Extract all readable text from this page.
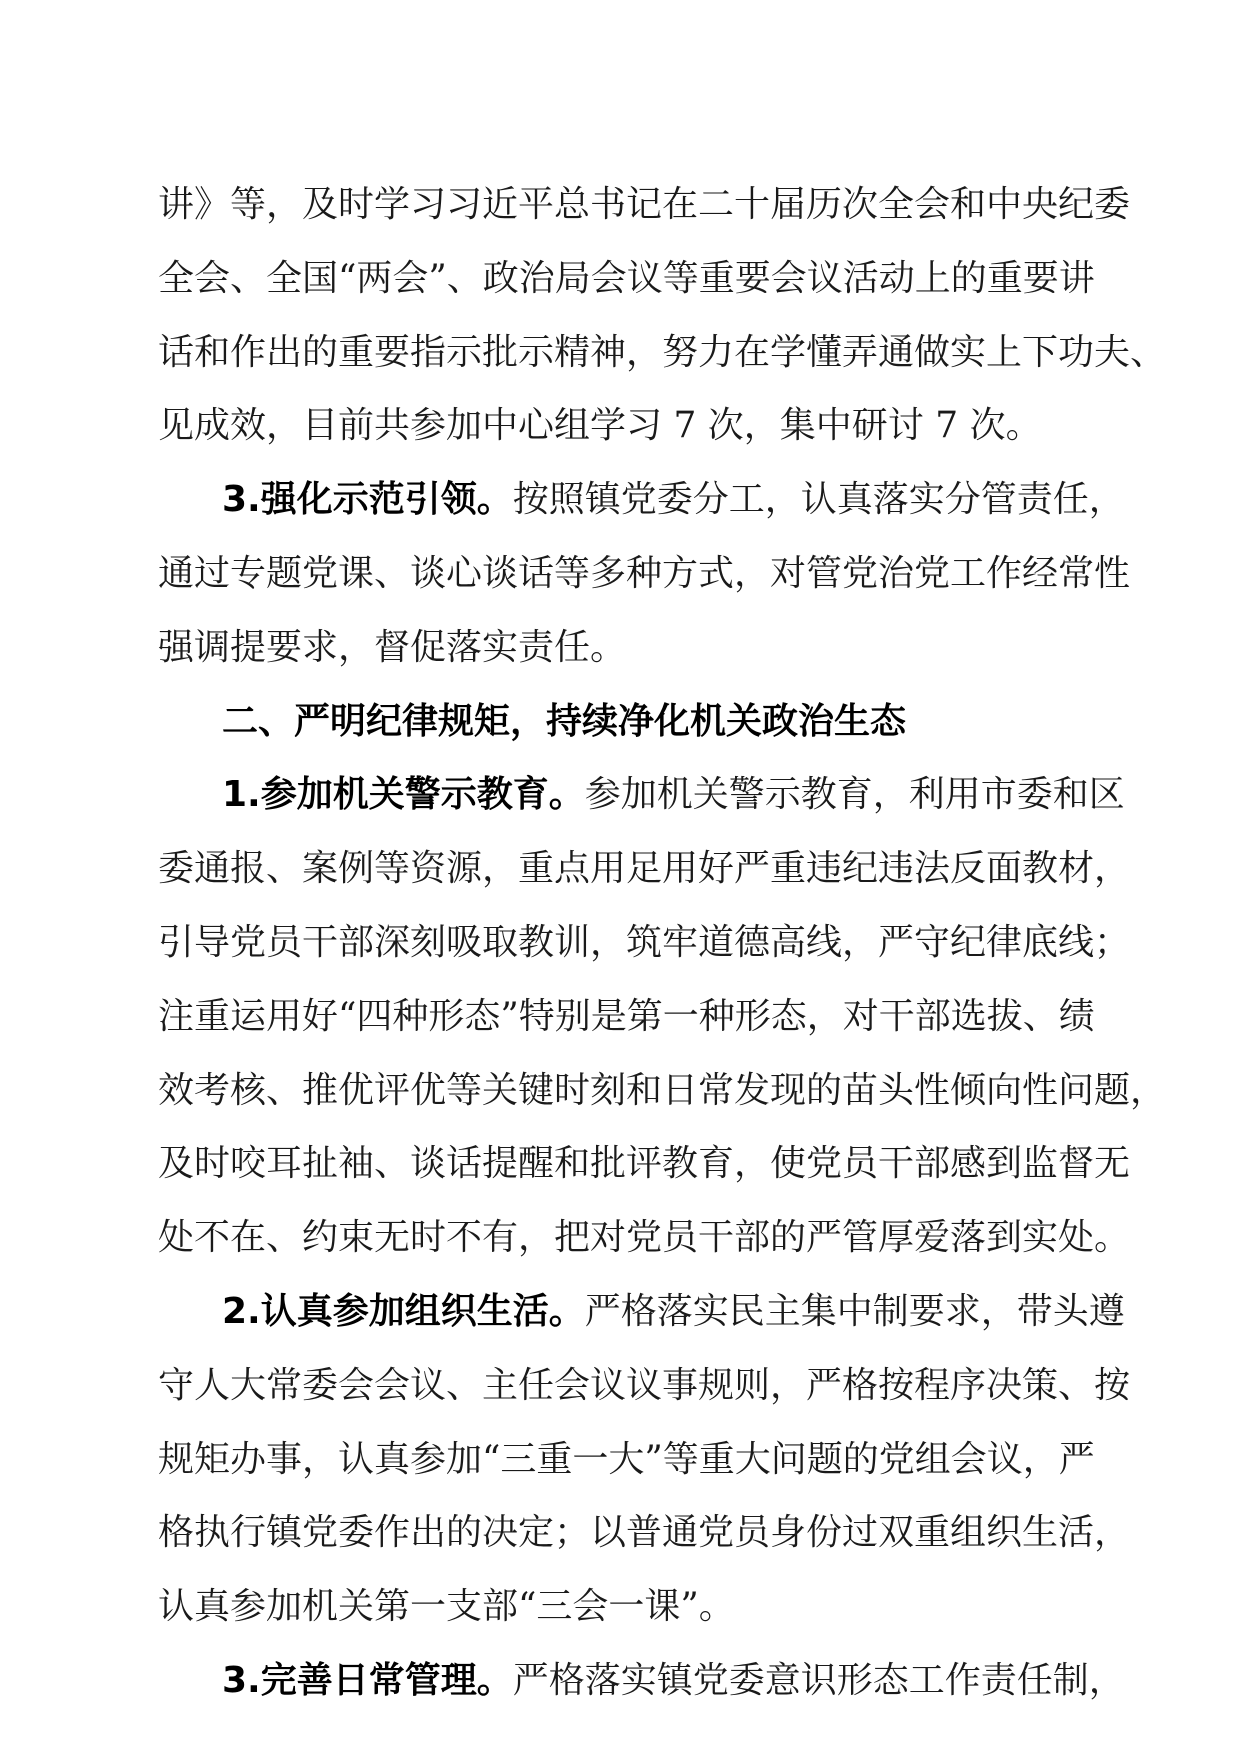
讲》等，及时学习习近平总书记在二十届历次全会和中央纪委
全会、全国“两会”、政治局会议等重要会议活动上的重要讲
话和作出的重要指示批示精神，努力在学懂弄通做实上下功夫、
见成效，目前共参加中心组学习 7 次，集中研讨 7 次。
3.强化示范引领。按照镇党委分工，认真落实分管责任，
通过专题党课、谈心谈话等多种方式，对管党治党工作经常性
强调提要求，督促落实责任。
二、严明纪律规矩，持续净化机关政治生态
1.参加机关警示教育。参加机关警示教育，利用市委和区
委通报、案例等资源，重点用足用好严重违纪违法反面教材，
引导党员干部深刻吸取教训，筑牢道德高线，严守纪律底线；
注重运用好“四种形态”特别是第一种形态，对干部选拔、绩
效考核、推优评优等关键时刻和日常发现的苗头性倾向性问题，
及时咬耳扯袖、谈话提醒和批评教育，使党员干部感到监督无
处不在、约束无时不有，把对党员干部的严管厚爱落到实处。
2.认真参加组织生活。严格落实民主集中制要求，带头遵
守人大常委会会议、主任会议议事规则，严格按程序决策、按
规矩办事，认真参加“三重一大”等重大问题的党组会议，严
格执行镇党委作出的决定；以普通党员身份过双重组织生活，
认真参加机关第一支部“三会一课”。
3.完善日常管理。严格落实镇党委意识形态工作责任制，
